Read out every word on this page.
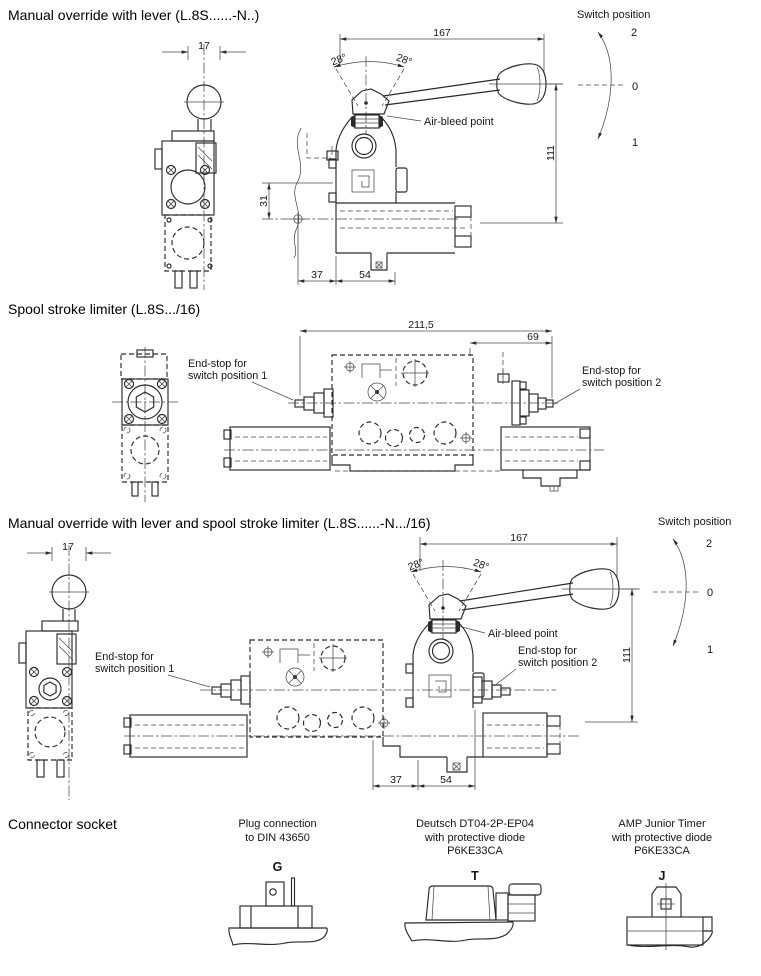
Manual override with lever (L.8S......-N..)
Spool stroke limiter (L.8S.../16)
Manual override with lever and spool stroke limiter (L.8S......-N.../16)
Connector socket
17
167
28°	28°
Air-bleed point
31
111
37	54
Switch position
2
0
1
End-stop for
switch position 1	End-stop for
switch position 2
211,5
69
17
167
28°	28°
Air-bleed point
End-stop for
switch position 2
End-stop for
switch position 1
111
37	54
Switch position
2
0
1
Plug connection
to DIN 43650
G
Deutsch DT04-2P-EP04
with protective diode
P6KE33CA
T
AMP Junior Timer
with protective diode
P6KE33CA
J
